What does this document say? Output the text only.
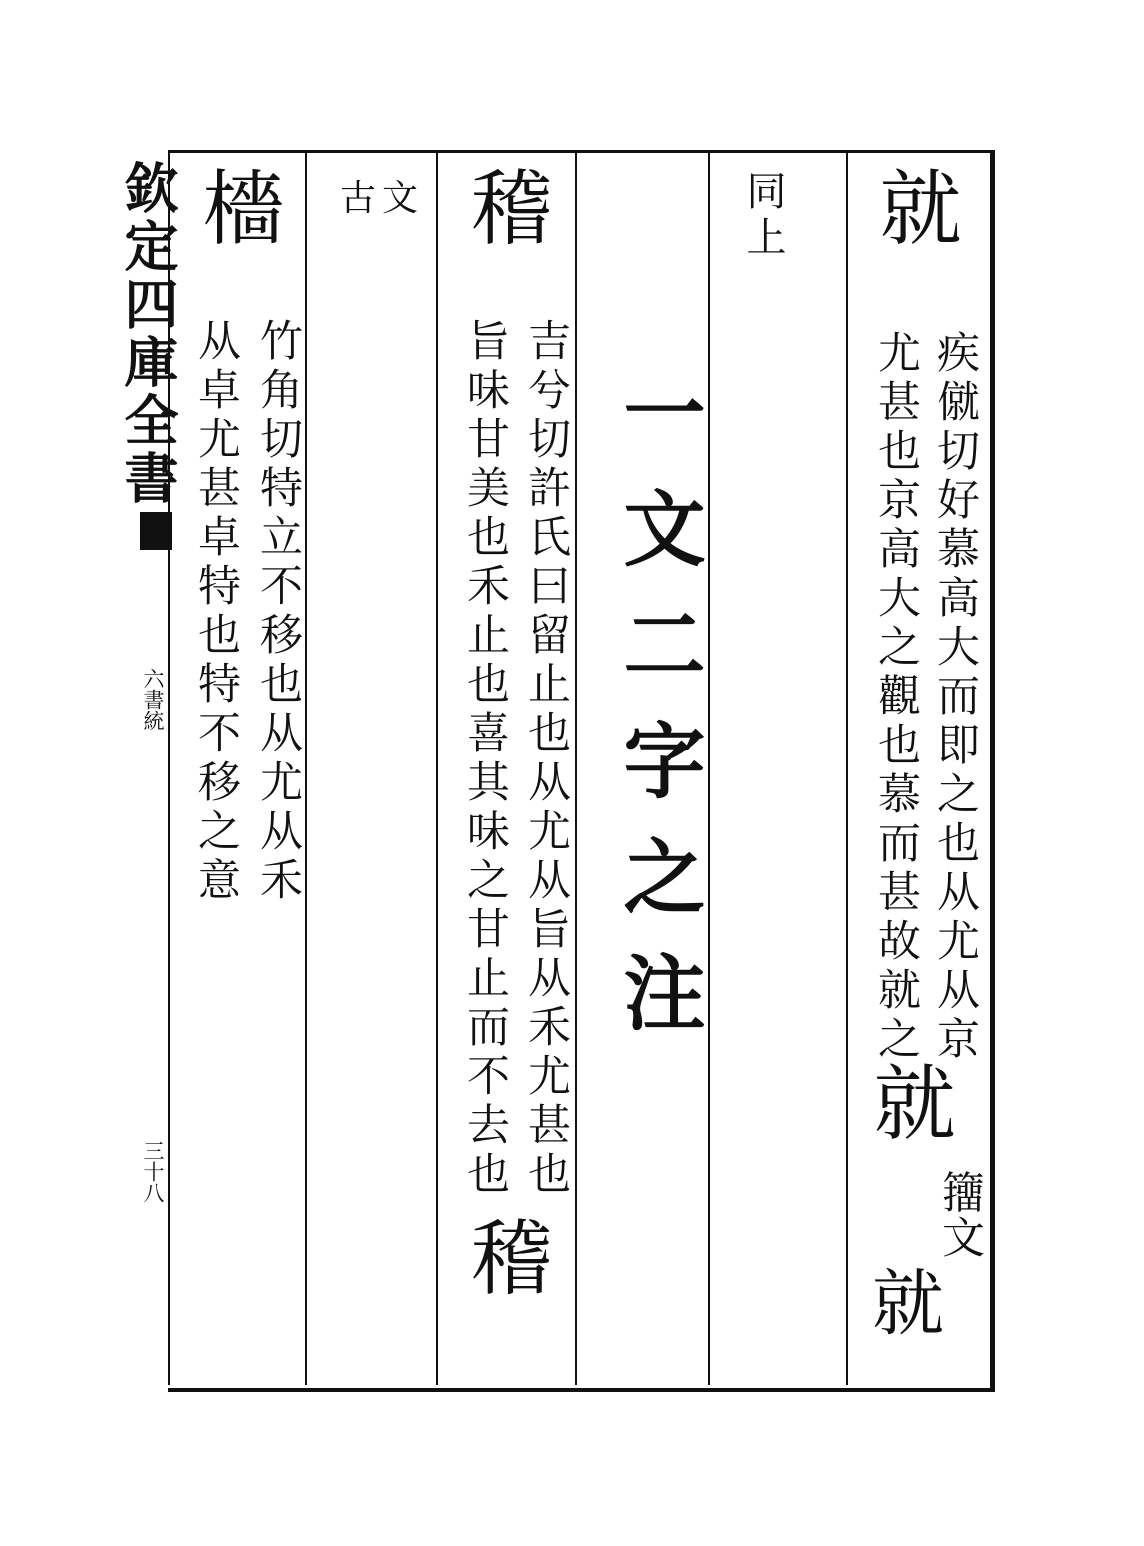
欽定四庫全書
六書統
三十八
就
疾僦切好慕高大而即之也从尤从京
尤甚也京高大之觀也慕而甚故就之
就
籒文
就
同上
一文二字之注
稽
吉兮切許氏曰留止也从尤从旨从禾尤甚也
旨味甘美也禾止也喜其味之甘止而不去也
稽
古文
檣
竹角切特立不移也从尤从禾
从卓尤甚卓特也特不移之意
